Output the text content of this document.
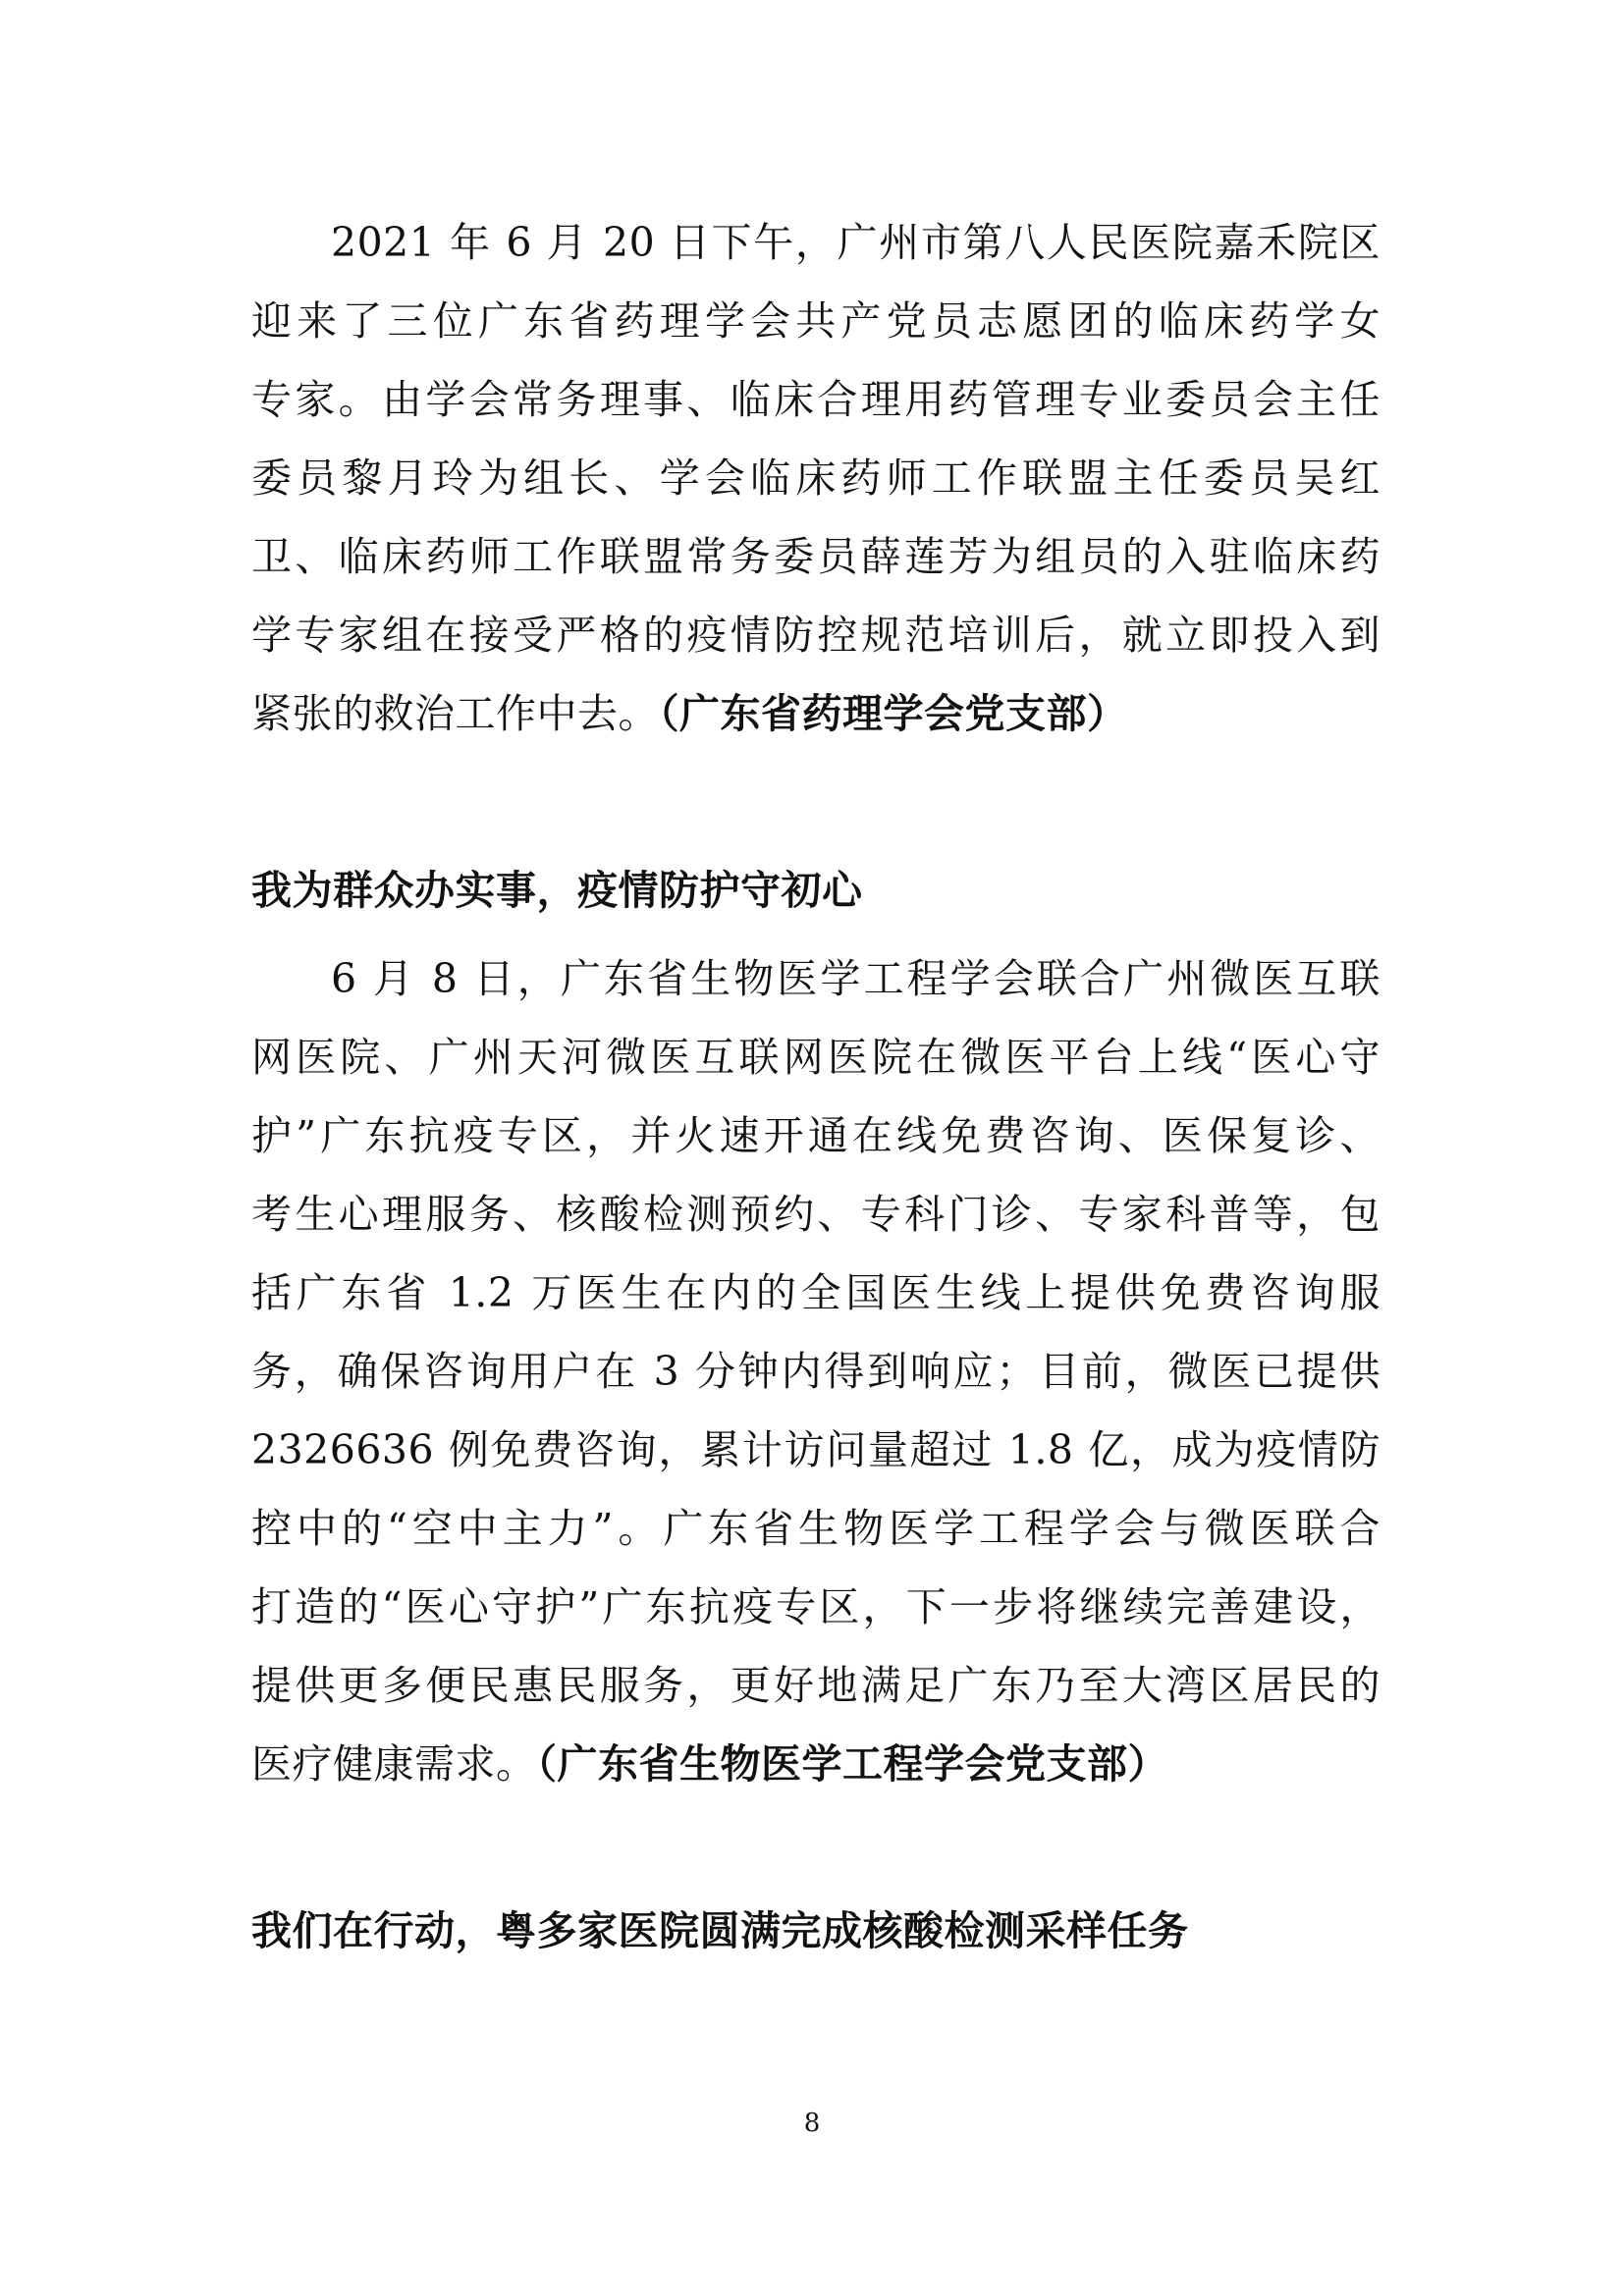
2021 年 6 月 20 日下午，广州市第八人民医院嘉禾院区
迎来了三位广东省药理学会共产党员志愿团的临床药学女
专家。由学会常务理事、临床合理用药管理专业委员会主任
委员黎月玲为组长、学会临床药师工作联盟主任委员吴红
卫、临床药师工作联盟常务委员薛莲芳为组员的入驻临床药
学专家组在接受严格的疫情防控规范培训后，就立即投入到
紧张的救治工作中去。（广东省药理学会党支部）
我为群众办实事，疫情防护守初心
6 月 8 日，广东省生物医学工程学会联合广州微医互联
网医院、广州天河微医互联网医院在微医平台上线“医心守
护”广东抗疫专区，并火速开通在线免费咨询、医保复诊、
考生心理服务、核酸检测预约、专科门诊、专家科普等，包
括广东省 1.2 万医生在内的全国医生线上提供免费咨询服
务，确保咨询用户在 3 分钟内得到响应；目前，微医已提供
2326636 例免费咨询，累计访问量超过 1.8 亿，成为疫情防
控中的“空中主力”。广东省生物医学工程学会与微医联合
打造的“医心守护”广东抗疫专区，下一步将继续完善建设，
提供更多便民惠民服务，更好地满足广东乃至大湾区居民的
医疗健康需求。（广东省生物医学工程学会党支部）
我们在行动，粤多家医院圆满完成核酸检测采样任务
8
